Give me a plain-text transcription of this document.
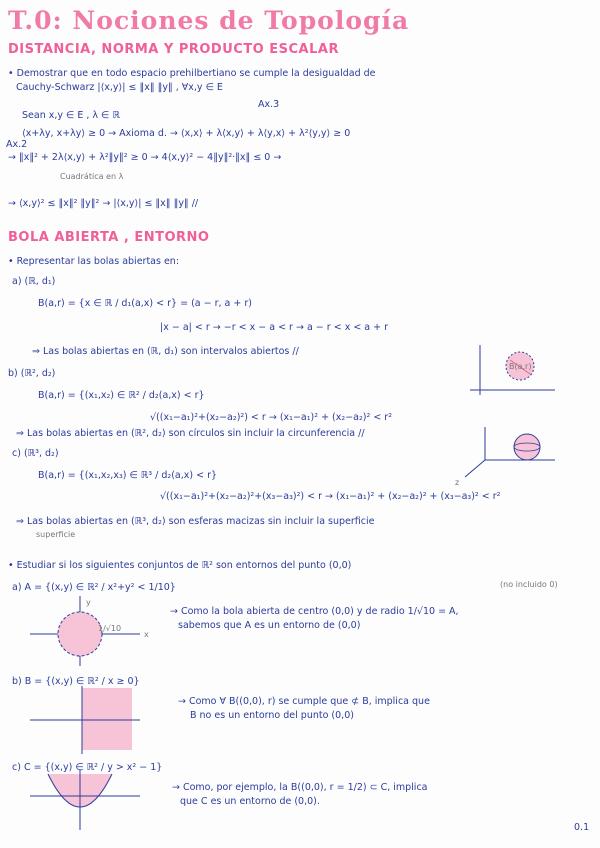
T.0: Nociones de Topología
DISTANCIA, NORMA Y PRODUCTO ESCALAR
• Demostrar que en todo espacio prehilbertiano se cumple la desigualdad de
Cauchy-Schwarz |⟨x,y⟩| ≤ ‖x‖ ‖y‖ , ∀x,y ∈ E
Ax.3
Sean x,y ∈ E , λ ∈ ℝ
⟨x+λy, x+λy⟩ ≥ 0 → Axioma d. → ⟨x,x⟩ + λ⟨x,y⟩ + λ⟨y,x⟩ + λ²⟨y,y⟩ ≥ 0
Ax.2
→ ‖x‖² + 2λ⟨x,y⟩ + λ²‖y‖² ≥ 0 → 4⟨x,y⟩² − 4‖y‖²·‖x‖ ≤ 0 →
Cuadrática en λ
→ ⟨x,y⟩² ≤ ‖x‖² ‖y‖² → |⟨x,y⟩| ≤ ‖x‖ ‖y‖ //
BOLA ABIERTA , ENTORNO
• Representar las bolas abiertas en:
a) (ℝ, d₁)
B(a,r) = {x ∈ ℝ / d₁(a,x) < r} = (a − r, a + r)
|x − a| < r → −r < x − a < r → a − r < x < a + r
⇒ Las bolas abiertas en (ℝ, d₁) son intervalos abiertos //
b) (ℝ², d₂)
B(a,r) = {(x₁,x₂) ∈ ℝ² / d₂(a,x) < r}
√((x₁−a₁)²+(x₂−a₂)²) < r → (x₁−a₁)² + (x₂−a₂)² < r²
⇒ Las bolas abiertas en (ℝ², d₂) son círculos sin incluir la circunferencia //
B(a,r)
c) (ℝ³, d₂)
B(a,r) = {(x₁,x₂,x₃) ∈ ℝ³ / d₂(a,x) < r}
√((x₁−a₁)²+(x₂−a₂)²+(x₃−a₃)²) < r → (x₁−a₁)² + (x₂−a₂)² + (x₃−a₃)² < r²
⇒ Las bolas abiertas en (ℝ³, d₂) son esferas macizas sin incluir la superficie
superficie
z
• Estudiar si los siguientes conjuntos de ℝ² son entornos del punto (0,0)
(no incluido 0)
a) A = {(x,y) ∈ ℝ² / x²+y² < 1/10}
→ Como la bola abierta de centro (0,0) y de radio 1/√10 = A,
sabemos que A es un entorno de (0,0)
1/√10
x
y
b) B = {(x,y) ∈ ℝ² / x ≥ 0}
→ Como ∀ B((0,0), r) se cumple que ⊄ B, implica que
B no es un entorno del punto (0,0)
c) C = {(x,y) ∈ ℝ² / y > x² − 1}
→ Como, por ejemplo, la B((0,0), r = 1/2) ⊂ C, implica
que C es un entorno de (0,0).
0.1
